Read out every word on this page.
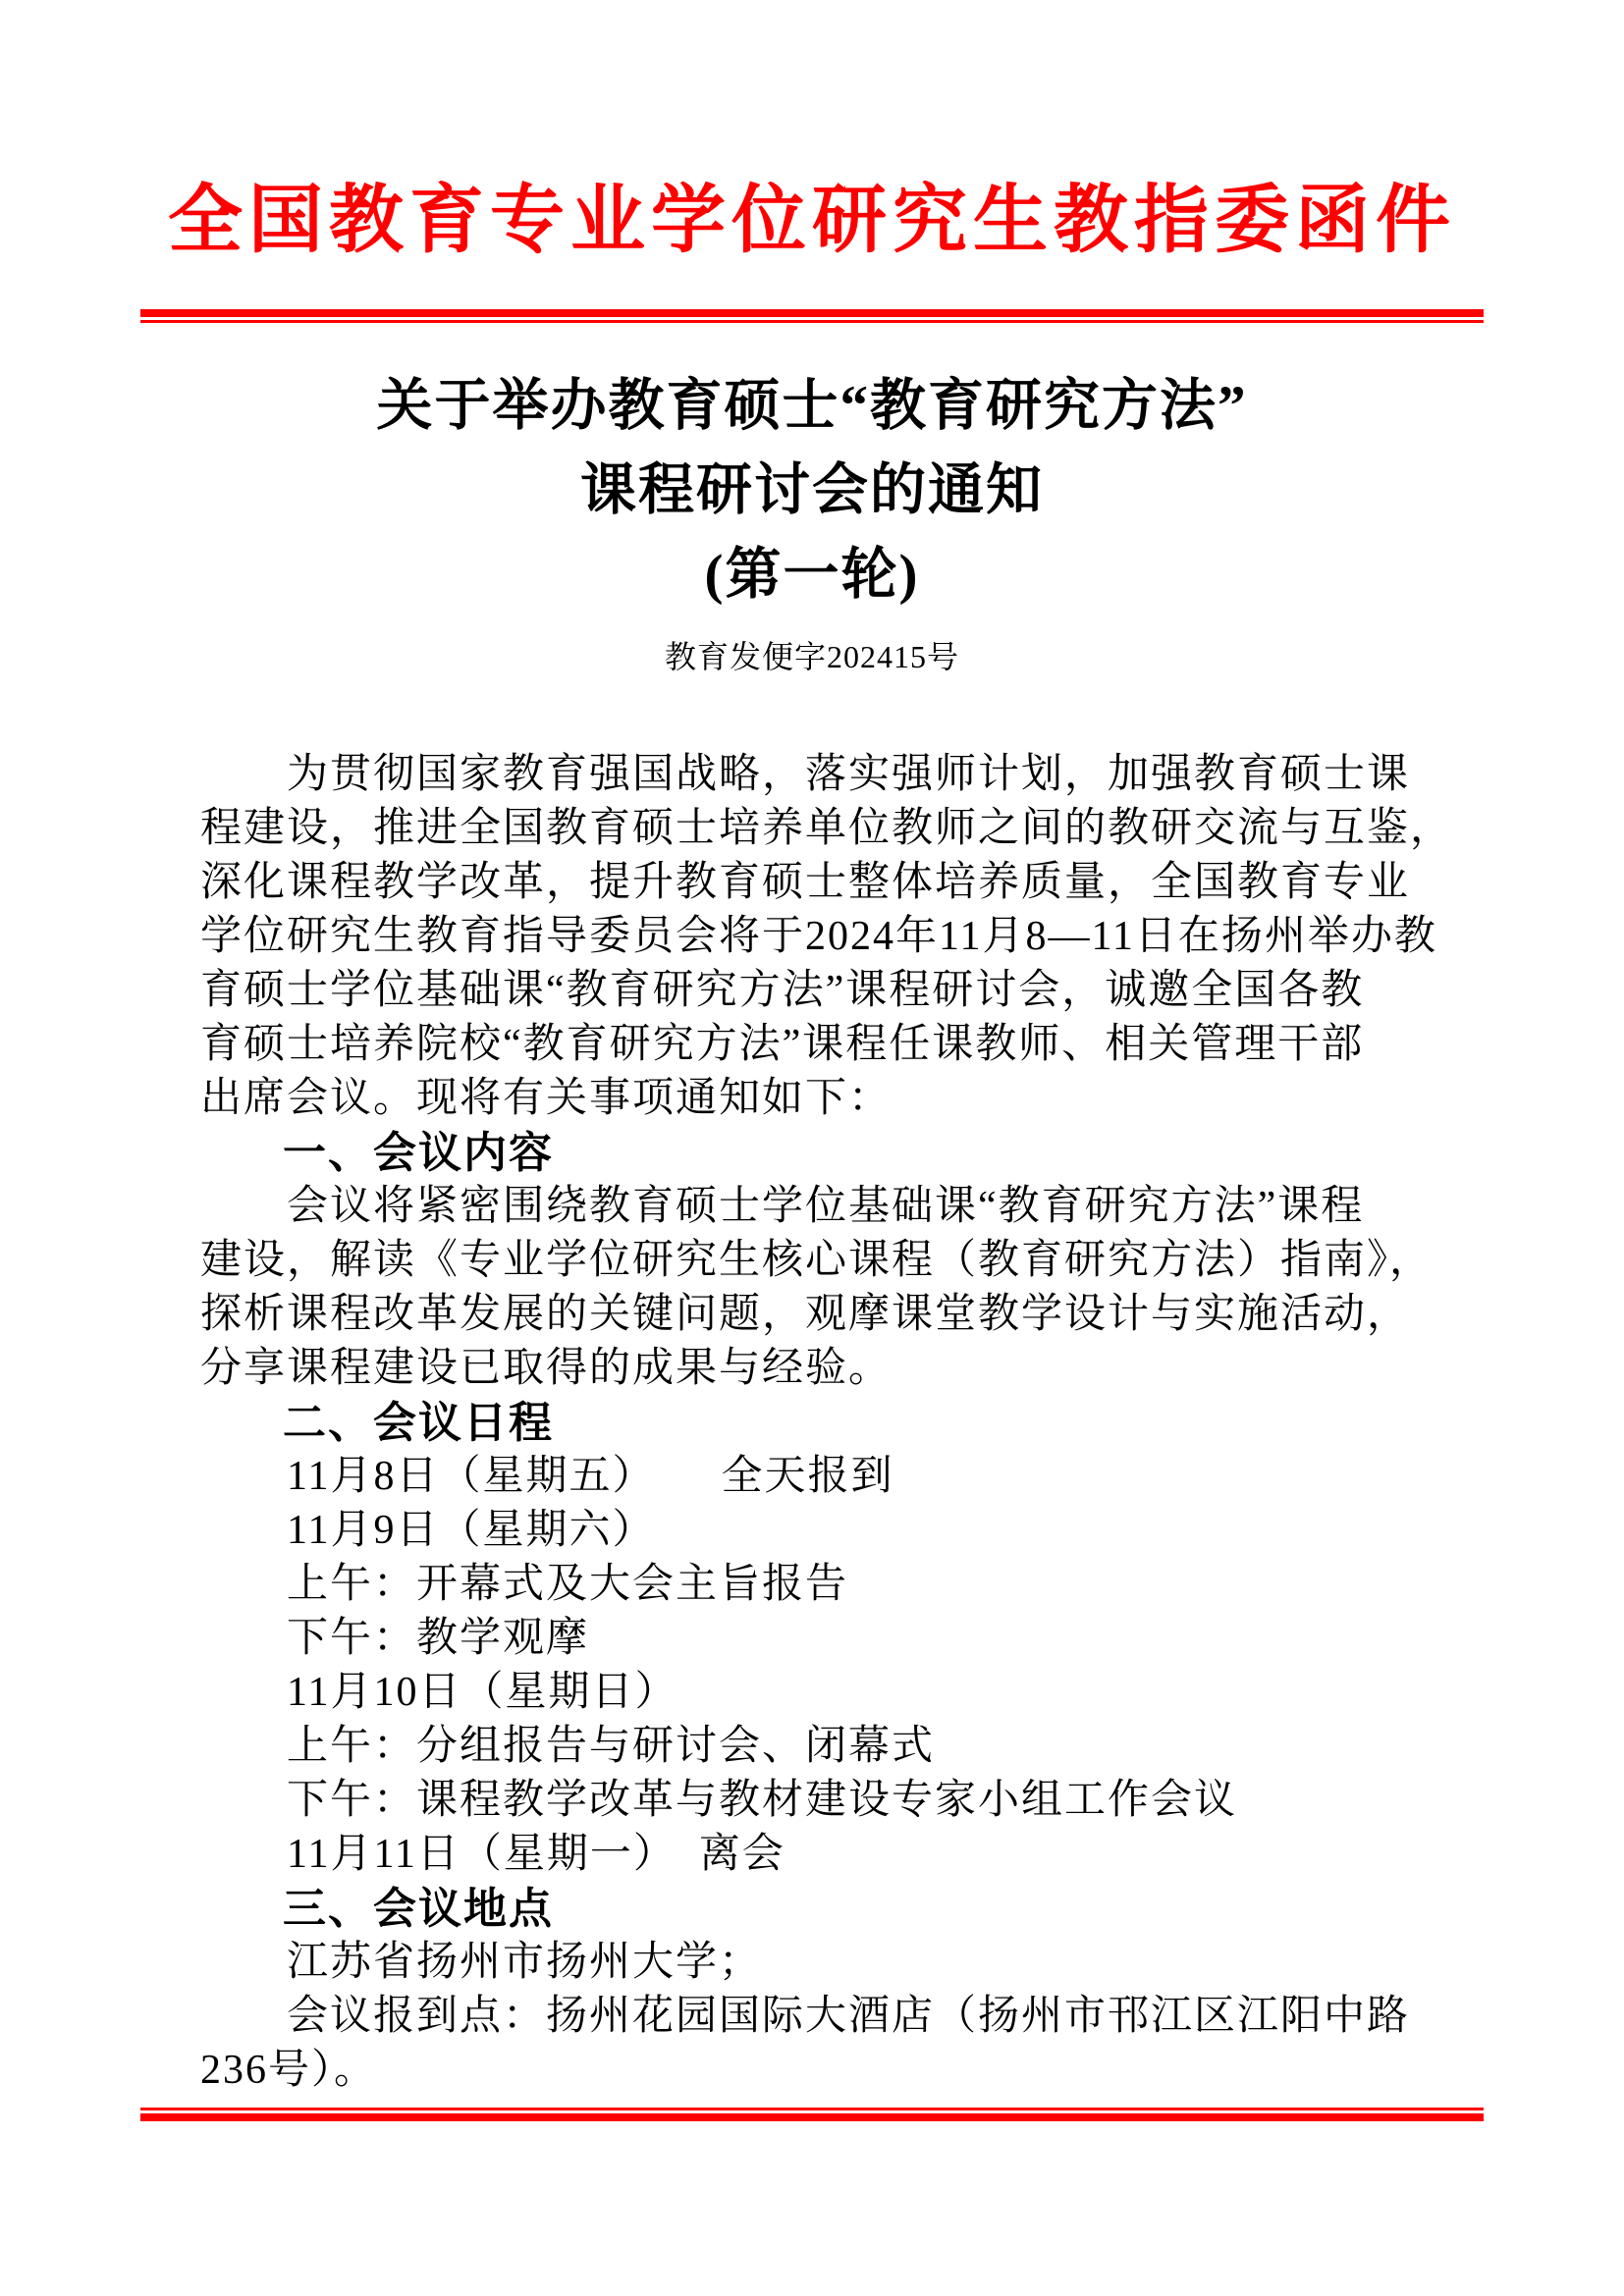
全国教育专业学位研究生教指委函件
关于举办教育硕士“教育研究方法”
课程研讨会的通知
(第一轮)
教育发便字202415号
为贯彻国家教育强国战略，落实强师计划，加强教育硕士课
程建设，推进全国教育硕士培养单位教师之间的教研交流与互鉴，
深化课程教学改革，提升教育硕士整体培养质量，全国教育专业
学位研究生教育指导委员会将于2024年11月8—11日在扬州举办教
育硕士学位基础课“教育研究方法”课程研讨会，诚邀全国各教
育硕士培养院校“教育研究方法”课程任课教师、相关管理干部
出席会议。现将有关事项通知如下：
一、会议内容
会议将紧密围绕教育硕士学位基础课“教育研究方法”课程
建设，解读《专业学位研究生核心课程（教育研究方法）指南》，
探析课程改革发展的关键问题，观摩课堂教学设计与实施活动，
分享课程建设已取得的成果与经验。
二、会议日程
11月8日（星期五）　　全天报到
11月9日（星期六）
上午：开幕式及大会主旨报告
下午：教学观摩
11月10日（星期日）
上午：分组报告与研讨会、闭幕式
下午：课程教学改革与教材建设专家小组工作会议
11月11日（星期一）　离会
三、会议地点
江苏省扬州市扬州大学；
会议报到点：扬州花园国际大酒店（扬州市邗江区江阳中路
236号）。
